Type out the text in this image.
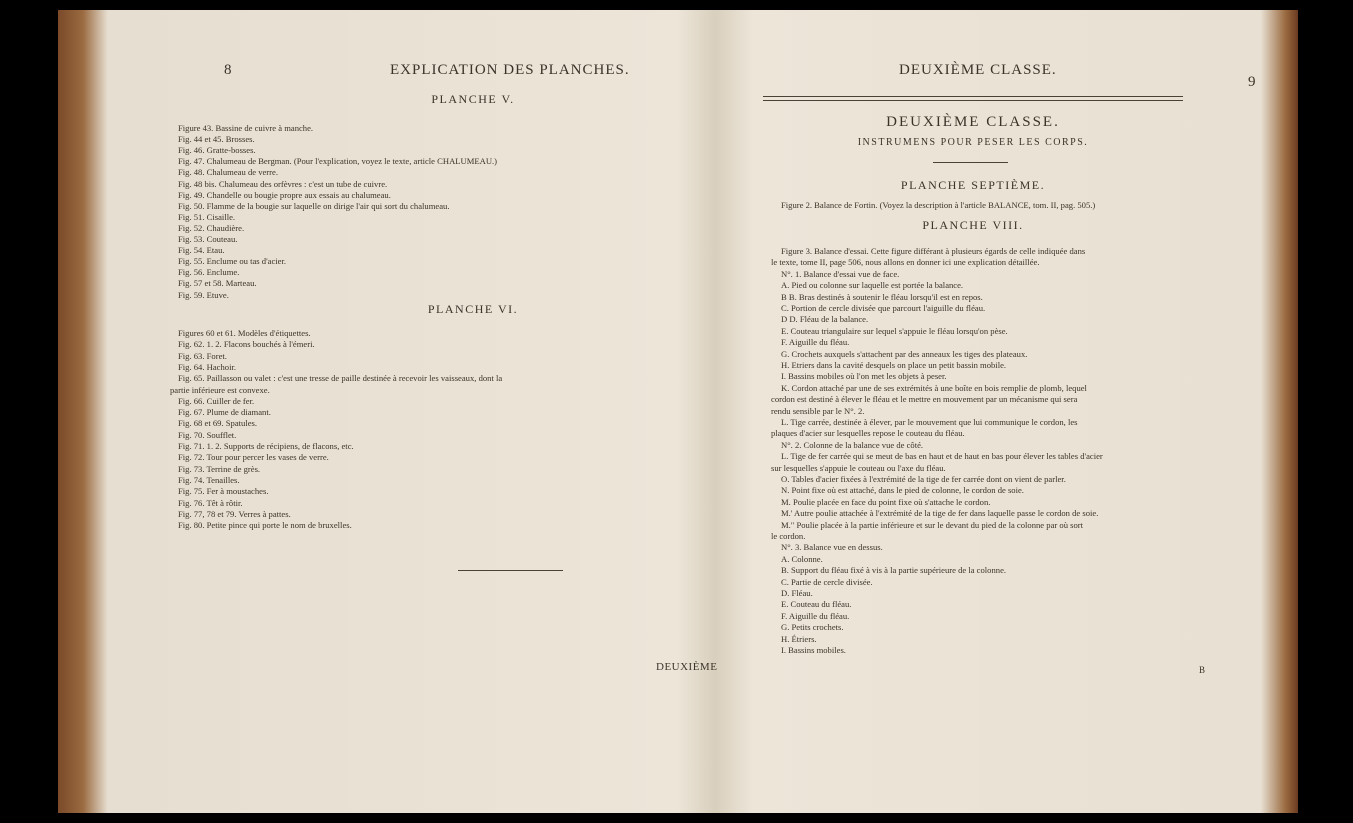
8	EXPLICATION DES PLANCHES.
PLANCHE V.
Figure 43. Bassine de cuivre à manche.
Fig. 44 et 45. Brosses.
Fig. 46. Gratte-bosses.
Fig. 47. Chalumeau de Bergman. (Pour l'explication, voyez le texte, article CHALUMEAU.)
Fig. 48. Chalumeau de verre.
Fig. 48 bis. Chalumeau des orfèvres : c'est un tube de cuivre.
Fig. 49. Chandelle ou bougie propre aux essais au chalumeau.
Fig. 50. Flamme de la bougie sur laquelle on dirige l'air qui sort du chalumeau.
Fig. 51. Cisaille.
Fig. 52. Chaudière.
Fig. 53. Couteau.
Fig. 54. Etau.
Fig. 55. Enclume ou tas d'acier.
Fig. 56. Enclume.
Fig. 57 et 58. Marteau.
Fig. 59. Etuve.
PLANCHE VI.
Figures 60 et 61. Modèles d'étiquettes.
Fig. 62. 1. 2. Flacons bouchés à l'émeri.
Fig. 63. Foret.
Fig. 64. Hachoir.
Fig. 65. Paillasson ou valet : c'est une tresse de paille destinée à recevoir les vaisseaux, dont la
partie inférieure est convexe.
Fig. 66. Cuiller de fer.
Fig. 67. Plume de diamant.
Fig. 68 et 69. Spatules.
Fig. 70. Soufflet.
Fig. 71. 1. 2. Supports de récipiens, de flacons, etc.
Fig. 72. Tour pour percer les vases de verre.
Fig. 73. Terrine de grès.
Fig. 74. Tenailles.
Fig. 75. Fer à moustaches.
Fig. 76. Têt à rôtir.
Fig. 77, 78 et 79. Verres à pattes.
Fig. 80. Petite pince qui porte le nom de bruxelles.
DEUXIÈME
DEUXIÈME CLASSE.
9
DEUXIÈME CLASSE.
INSTRUMENS POUR PESER LES CORPS.
PLANCHE SEPTIÈME.
Figure 2. Balance de Fortin. (Voyez la description à l'article BALANCE, tom. II, pag. 505.)
PLANCHE VIII.
Figure 3. Balance d'essai. Cette figure différant à plusieurs égards de celle indiquée dans
le texte, tome II, page 506, nous allons en donner ici une explication détaillée.
N°. 1. Balance d'essai vue de face.
A. Pied ou colonne sur laquelle est portée la balance.
B B. Bras destinés à soutenir le fléau lorsqu'il est en repos.
C. Portion de cercle divisée que parcourt l'aiguille du fléau.
D D. Fléau de la balance.
E. Couteau triangulaire sur lequel s'appuie le fléau lorsqu'on pèse.
F. Aiguille du fléau.
G. Crochets auxquels s'attachent par des anneaux les tiges des plateaux.
H. Etriers dans la cavité desquels on place un petit bassin mobile.
I. Bassins mobiles où l'on met les objets à peser.
K. Cordon attaché par une de ses extrémités à une boîte en bois remplie de plomb, lequel
cordon est destiné à élever le fléau et le mettre en mouvement par un mécanisme qui sera
rendu sensible par le N°. 2.
L. Tige carrée, destinée à élever, par le mouvement que lui communique le cordon, les
plaques d'acier sur lesquelles repose le couteau du fléau.
N°. 2. Colonne de la balance vue de côté.
L. Tige de fer carrée qui se meut de bas en haut et de haut en bas pour élever les tables d'acier
sur lesquelles s'appuie le couteau ou l'axe du fléau.
O. Tables d'acier fixées à l'extrémité de la tige de fer carrée dont on vient de parler.
N. Point fixe où est attaché, dans le pied de colonne, le cordon de soie.
M. Poulie placée en face du point fixe où s'attache le cordon.
M.' Autre poulie attachée à l'extrémité de la tige de fer dans laquelle passe le cordon de soie.
M." Poulie placée à la partie inférieure et sur le devant du pied de la colonne par où sort
le cordon.
N°. 3. Balance vue en dessus.
A. Colonne.
B. Support du fléau fixé à vis à la partie supérieure de la colonne.
C. Partie de cercle divisée.
D. Fléau.
E. Couteau du fléau.
F. Aiguille du fléau.
G. Petits crochets.
H. Étriers.
I. Bassins mobiles.
B
